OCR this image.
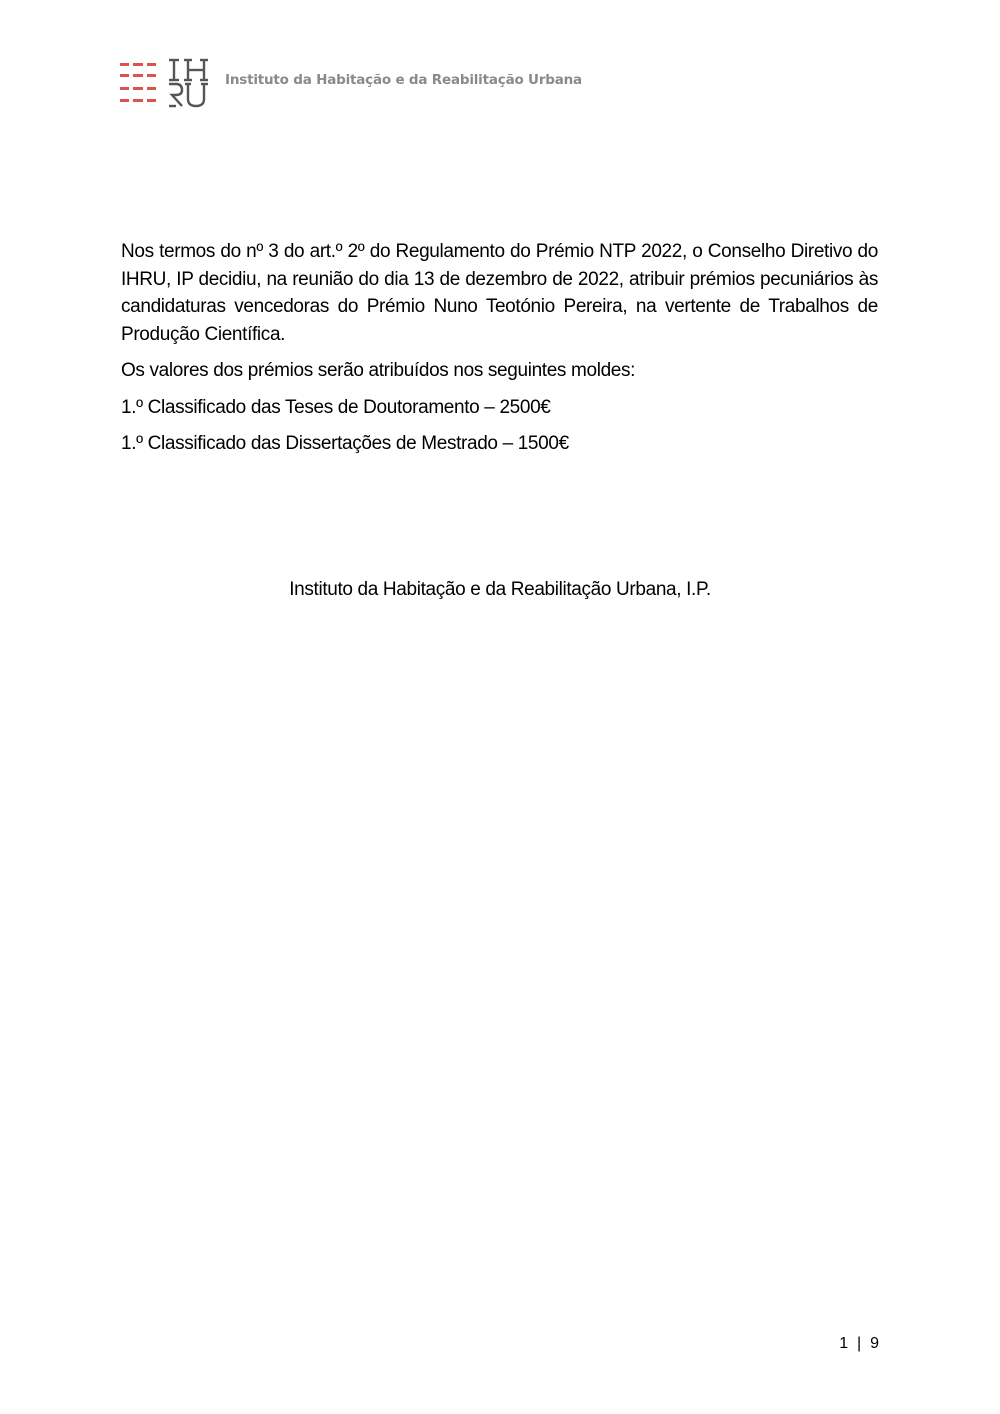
Instituto da Habitação e da Reabilitação Urbana

Nos termos do nº 3 do art.º 2º do Regulamento do Prémio NTP 2022, o Conselho Diretivo do IHRU, IP decidiu, na reunião do dia 13 de dezembro de 2022, atribuir prémios pecuniários às candidaturas vencedoras do Prémio Nuno Teotónio Pereira, na vertente de Trabalhos de Produção Científica.

Os valores dos prémios serão atribuídos nos seguintes moldes:

1.º Classificado das Teses de Doutoramento – 2500€

1.º Classificado das Dissertações de Mestrado – 1500€

Instituto da Habitação e da Reabilitação Urbana, I.P.
1  |  9
